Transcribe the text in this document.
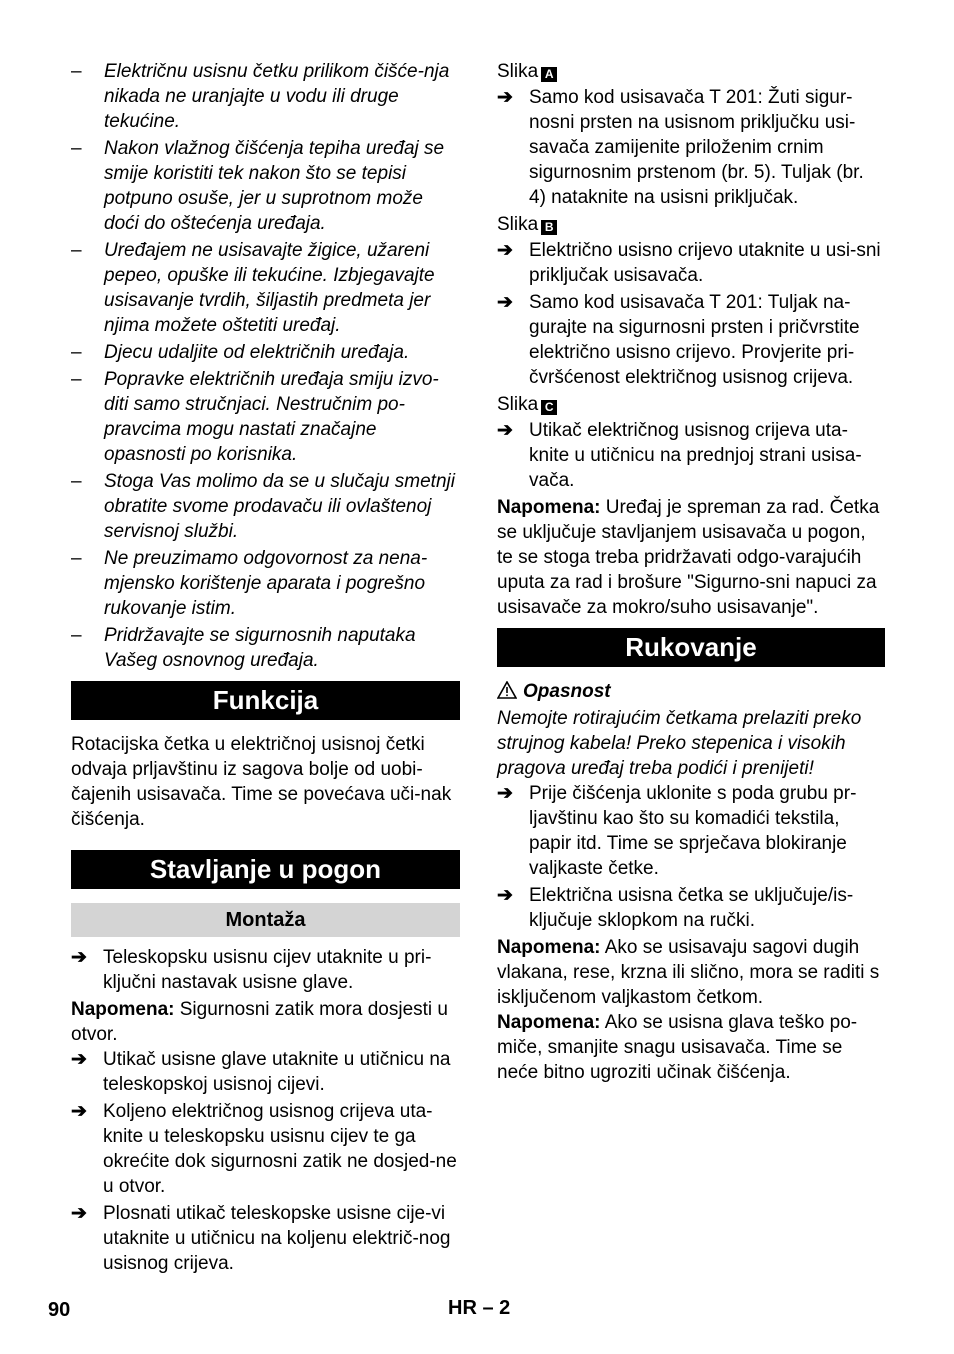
– Električnu usisnu četku prilikom čišće-nja nikada ne uranjajte u vodu ili druge tekućine.
– Nakon vlažnog čišćenja tepiha uređaj se smije koristiti tek nakon što se tepisi potpuno osuše, jer u suprotnom može doći do oštećenja uređaja.
– Uređajem ne usisavajte žigice, užareni pepeo, opuške ili tekućine. Izbjegavajte usisavanje tvrdih, šiljastih predmeta jer njima možete oštetiti uređaj.
– Djecu udaljite od električnih uređaja.
– Popravke električnih uređaja smiju izvo-diti samo stručnjaci. Nestručnim po-pravcima mogu nastati značajne opasnosti po korisnika.
– Stoga Vas molimo da se u slučaju smetnji obratite svome prodavaču ili ovlaštenoj servisnoj službi.
– Ne preuzimamo odgovornost za nena-mjensko korištenje aparata i pogrešno rukovanje istim.
– Pridržavajte se sigurnosnih naputaka Vašeg osnovnog uređaja.
Funkcija
Rotacijska četka u električnoj usisnoj četki odvaja prljavštinu iz sagova bolje od uobi-čajenih usisavača. Time se povećava uči-nak čišćenja.
Stavljanje u pogon
Montaža
➔ Teleskopsku usisnu cijev utaknite u pri-ključni nastavak usisne glave.
Napomena: Sigurnosni zatik mora dosjesti u otvor.
➔ Utikač usisne glave utaknite u utičnicu na teleskopskoj usisnoj cijevi.
➔ Koljeno električnog usisnog crijeva uta-knite u teleskopsku usisnu cijev te ga okrećite dok sigurnosni zatik ne dosjed-ne u otvor.
➔ Plosnati utikač teleskopske usisne cije-vi utaknite u utičnicu na koljenu električ-nog usisnog crijeva.
Slika A
➔ Samo kod usisavača T 201: Žuti sigur-nosni prsten na usisnom priključku usi-savača zamijenite priloženim crnim sigurnosnim prstenom (br. 5). Tuljak (br. 4) nataknite na usisni priključak.
Slika B
➔ Električno usisno crijevo utaknite u usi-sni priključak usisavača.
➔ Samo kod usisavača T 201: Tuljak na-gurajte na sigurnosni prsten i pričvrstite električno usisno crijevo. Provjerite pri-čvršćenost električnog usisnog crijeva.
Slika C
➔ Utikač električnog usisnog crijeva uta-knite u utičnicu na prednjoj strani usisa-vača.
Napomena: Uređaj je spreman za rad. Četka se uključuje stavljanjem usisavača u pogon, te se stoga treba pridržavati odgo-varajućih uputa za rad i brošure "Sigurno-sni napuci za usisavače za mokro/suho usisavanje".
Rukovanje
Opasnost
Nemojte rotirajućim četkama prelaziti preko strujnog kabela! Preko stepenica i visokih pragova uređaj treba podići i prenijeti!
➔ Prije čišćenja uklonite s poda grubu pr-ljavštinu kao što su komadići tekstila, papir itd. Time se sprječava blokiranje valjkaste četke.
➔ Električna usisna četka se uključuje/is-ključuje sklopkom na ručki.
Napomena: Ako se usisavaju sagovi dugih vlakana, rese, krzna ili slično, mora se raditi s isključenom valjkastom četkom.
Napomena: Ako se usisna glava teško po-miče, smanjite snagu usisavača. Time se neće bitno ugroziti učinak čišćenja.
90	HR – 2
